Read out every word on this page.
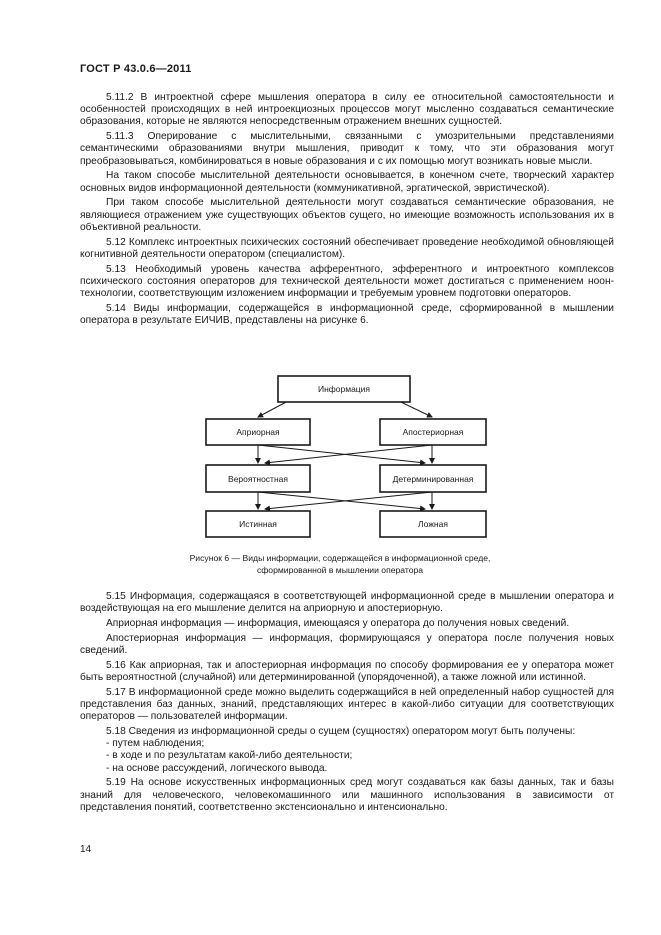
ГОСТ Р 43.0.6—2011

5.11.2 В интроектной сфере мышления оператора в силу ее относительной самостоятельности и особенностей происходящих в ней интроекциозных процессов могут мысленно создаваться семантические образования, которые не являются непосредственным отражением внешних сущностей.

5.11.3 Оперирование с мыслительными, связанными с умозрительными представлениями семантическими образованиями внутри мышления, приводит к тому, что эти образования могут преобразовываться, комбинироваться в новые образования и с их помощью могут возникать новые мысли.

На таком способе мыслительной деятельности основывается, в конечном счете, творческий характер основных видов информационной деятельности (коммуникативной, эргатической, эвристической).

При таком способе мыслительной деятельности могут создаваться семантические образования, не являющиеся отражением уже существующих объектов сущего, но имеющие возможность использования их в объективной реальности.

5.12 Комплекс интроектных психических состояний обеспечивает проведение необходимой обновляющей когнитивной деятельности оператором (специалистом).

5.13 Необходимый уровень качества афферентного, эфферентного и интроектного комплексов психического состояния операторов для технической деятельности может достигаться с применением ноон-технологии, соответствующим изложением информации и требуемым уровнем подготовки операторов.

5.14 Виды информации, содержащейся в информационной среде, сформированной в мышлении оператора в результате ЕИЧИВ, представлены на рисунке 6.

Информация
Априорная	Апостериорная
Вероятностная	Детерминированная
Истинная	Ложная
Рисунок 6 — Виды информации, содержащейся в информационной среде,
сформированной в мышлении оператора

5.15 Информация, содержащаяся в соответствующей информационной среде в мышлении оператора и воздействующая на его мышление делится на априорную и апостериорную.

Априорная информация — информация, имеющаяся у оператора до получения новых сведений.

Апостериорная информация — информация, формирующаяся у оператора после получения новых сведений.

5.16 Как априорная, так и апостериорная информация по способу формирования ее у оператора может быть вероятностной (случайной) или детерминированной (упорядоченной), а также ложной или истинной.

5.17 В информационной среде можно выделить содержащийся в ней определенный набор сущностей для представления баз данных, знаний, представляющих интерес в какой-либо ситуации для соответствующих операторов — пользователей информации.

5.18 Сведения из информационной среды о сущем (сущностях) оператором могут быть получены:

- путем наблюдения;

- в ходе и по результатам какой-либо деятельности;

- на основе рассуждений, логического вывода.

5.19 На основе искусственных информационных сред могут создаваться как базы данных, так и базы знаний для человеческого, человекомашинного или машинного использования в зависимости от представления понятий, соответственно экстенсионально и интенсионально.

14
